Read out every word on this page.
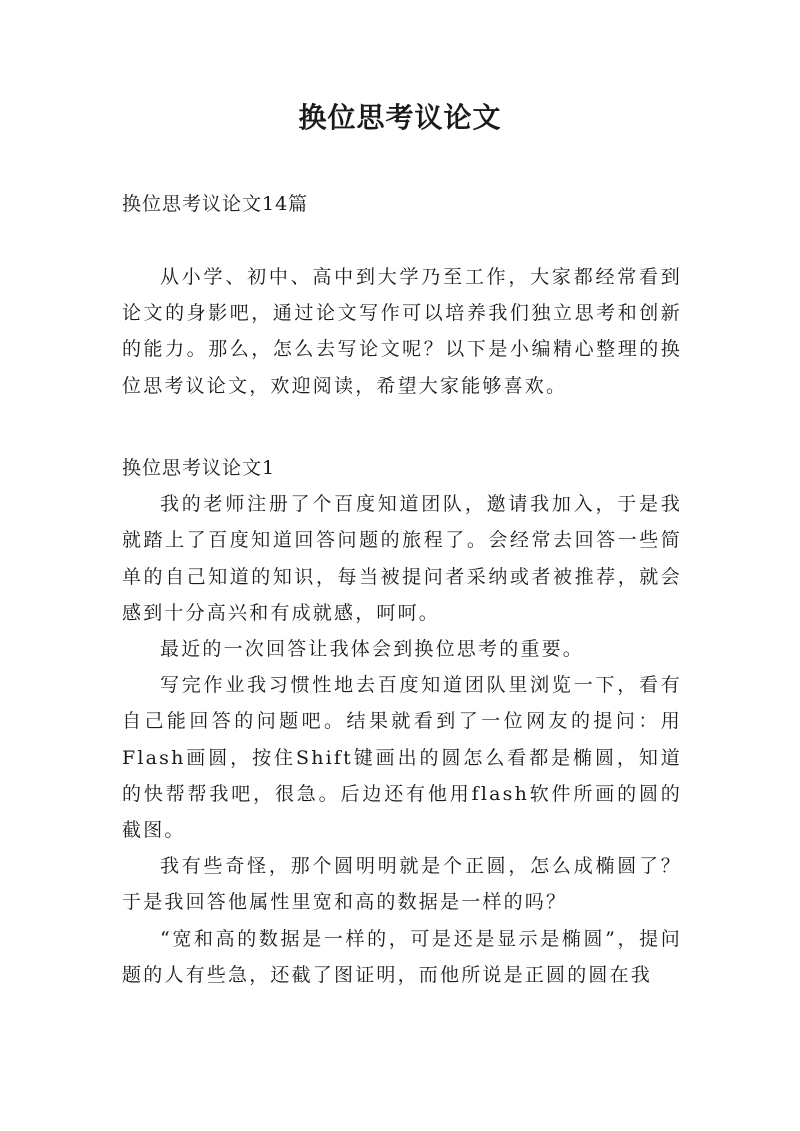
换位思考议论文
换位思考议论文14篇

从小学、初中、高中到大学乃至工作，大家都经常看到论文的身影吧，通过论文写作可以培养我们独立思考和创新的能力。那么，怎么去写论文呢？以下是小编精心整理的换位思考议论文，欢迎阅读，希望大家能够喜欢。

换位思考议论文1

我的老师注册了个百度知道团队，邀请我加入，于是我就踏上了百度知道回答问题的旅程了。会经常去回答一些简单的自己知道的知识，每当被提问者采纳或者被推荐，就会感到十分高兴和有成就感，呵呵。

最近的一次回答让我体会到换位思考的重要。

写完作业我习惯性地去百度知道团队里浏览一下，看有自己能回答的问题吧。结果就看到了一位网友的提问：用Flash画圆，按住Shift键画出的圆怎么看都是椭圆，知道的快帮帮我吧，很急。后边还有他用flash软件所画的圆的截图。

我有些奇怪，那个圆明明就是个正圆，怎么成椭圆了？于是我回答他属性里宽和高的数据是一样的吗？

“宽和高的数据是一样的，可是还是显示是椭圆”，提问题的人有些急，还截了图证明，而他所说是正圆的圆在我
